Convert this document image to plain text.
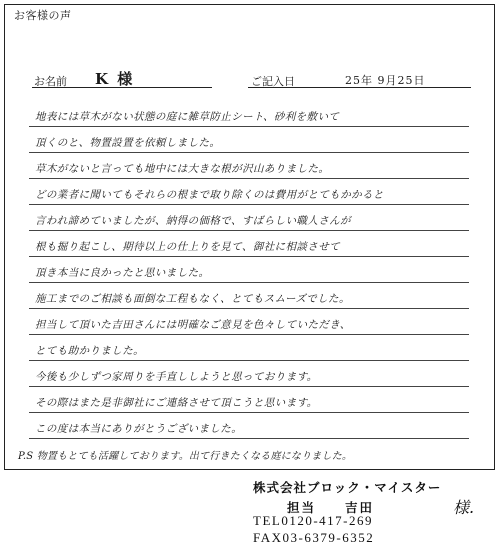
お客様の声
お名前 K 様	ご記入日	25年 9月25日
地表には草木がない状態の庭に雑草防止シート、砂利を敷いて
頂くのと、物置設置を依頼しました。
草木がないと言っても地中には大きな根が沢山ありました。
どの業者に聞いてもそれらの根まで取り除くのは費用がとてもかかると
言われ諦めていましたが、納得の価格で、すばらしい職人さんが
根も掘り起こし、期待以上の仕上りを見て、御社に相談させて
頂き本当に良かったと思いました。
施工までのご相談も面倒な工程もなく、とてもスムーズでした。
担当して頂いた吉田さんには明確なご意見を色々していただき、
とても助かりました。
今後も少しずつ家周りを手直ししようと思っております。
その際はまた是非御社にご連絡させて頂こうと思います。
この度は本当にありがとうございました。
P.S 物置もとても活躍しております。出て行きたくなる庭になりました。
株式会社ブロック・マイスター
担当　　吉田	様.
TEL0120-417-269
FAX03-6379-6352
